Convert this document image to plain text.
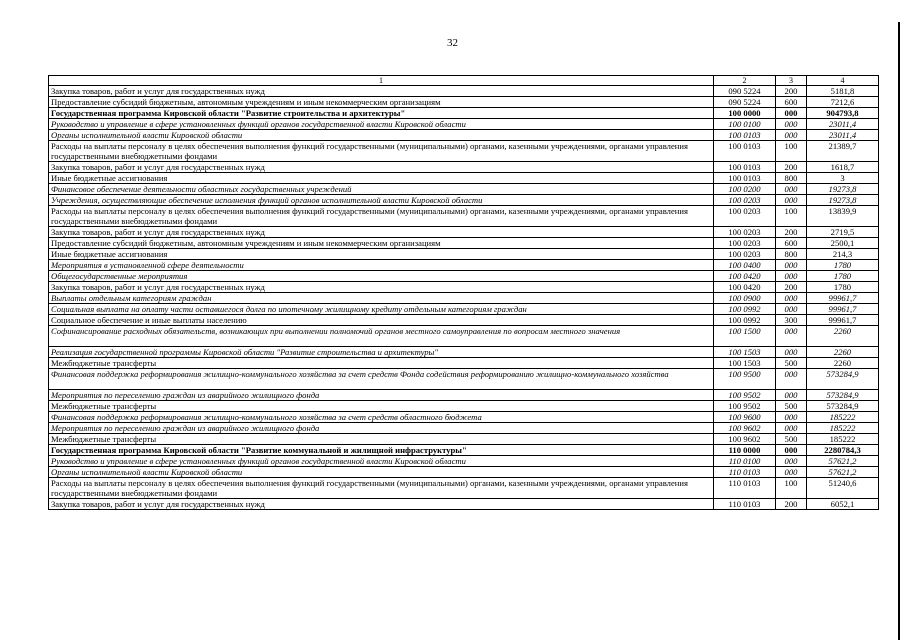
32
1	2	3	4
Закупка товаров, работ и услуг для государственных нужд	090 5224	200	5181,8
Предоставление субсидий бюджетным, автономным учреждениям и иным некоммерческим организациям	090 5224	600	7212,6
Государственная программа Кировской области "Развитие строительства и архитектуры"	100 0000	000	904793,8
Руководство и управление в сфере установленных функций органов государственной власти Кировской области	100 0100	000	23011,4
Органы исполнительной власти Кировской области	100 0103	000	23011,4
Расходы на выплаты персоналу в целях обеспечения выполнения функций государственными (муниципальными) органами, казенными учреждениями, органами управления государственными внебюджетными фондами	100 0103	100	21389,7
Закупка товаров, работ и услуг для государственных нужд	100 0103	200	1618,7
Иные бюджетные ассигнования	100 0103	800	3
Финансовое обеспечение деятельности областных государственных учреждений	100 0200	000	19273,8
Учреждения, осуществляющие обеспечение исполнения функций органов исполнительной власти Кировской области	100 0203	000	19273,8
Расходы на выплаты персоналу в целях обеспечения выполнения функций государственными (муниципальными) органами, казенными учреждениями, органами управления государственными внебюджетными фондами	100 0203	100	13839,9
Закупка товаров, работ и услуг для государственных нужд	100 0203	200	2719,5
Предоставление субсидий бюджетным, автономным учреждениям и иным некоммерческим организациям	100 0203	600	2500,1
Иные бюджетные ассигнования	100 0203	800	214,3
Мероприятия в установленной сфере деятельности	100 0400	000	1780
Общегосударственные мероприятия	100 0420	000	1780
Закупка товаров, работ и услуг для государственных нужд	100 0420	200	1780
Выплаты отдельным категориям граждан	100 0900	000	99961,7
Социальная выплата на оплату части оставшегося долга по ипотечному жилищному кредиту отдельным категориям граждан	100 0992	000	99961,7
Социальное обеспечение и иные выплаты населению	100 0992	300	99961,7
Софинансирование расходных обязательств, возникающих при выполнении полномочий органов местного самоуправления по вопросам местного значения	100 1500	000	2260
Реализация государственной программы Кировской области "Развитие строительства и архитектуры"	100 1503	000	2260
Межбюджетные трансферты	100 1503	500	2260
Финансовая поддержка реформирования жилищно-коммунального хозяйства за счет средств Фонда содействия реформированию жилищно-коммунального хозяйства	100 9500	000	573284,9
Мероприятия по переселению граждан из аварийного жилищного фонда	100 9502	000	573284,9
Межбюджетные трансферты	100 9502	500	573284,9
Финансовая поддержка реформирования жилищно-коммунального хозяйства за счет средств областного бюджета	100 9600	000	185222
Мероприятия по переселению граждан из аварийного жилищного фонда	100 9602	000	185222
Межбюджетные трансферты	100 9602	500	185222
Государственная программа Кировской области "Развитие коммунальной и жилищной инфраструктуры"	110 0000	000	2280784,3
Руководство и управление в сфере установленных функций органов государственной власти Кировской области	110 0100	000	57621,2
Органы исполнительной власти Кировской области	110 0103	000	57621,2
Расходы на выплаты персоналу в целях обеспечения выполнения функций государственными (муниципальными) органами, казенными учреждениями, органами управления государственными внебюджетными фондами	110 0103	100	51240,6
Закупка товаров, работ и услуг для государственных нужд	110 0103	200	6052,1
